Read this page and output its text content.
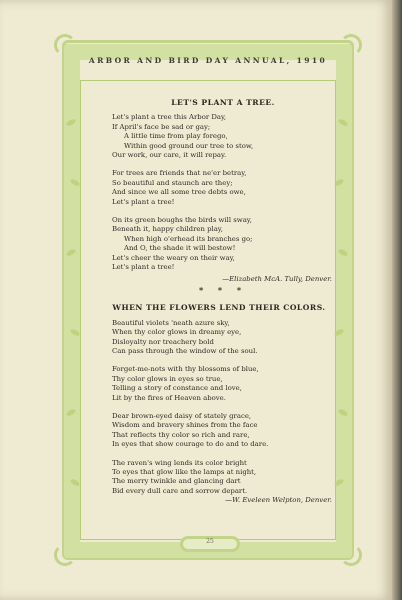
ARBOR AND BIRD DAY ANNUAL, 1910
LET'S PLANT A TREE.
Let's plant a tree this Arbor Day,
If April's face be sad or gay;
A little time from play forego,
Within good ground our tree to stow,
Our work, our care, it will repay.
For trees are friends that ne'er betray,
So beautiful and staunch are they;
And since we all some tree debts owe,
Let's plant a tree!
On its green boughs the birds will sway,
Beneath it, happy children play,
When high o'erhead its branches go;
And O, the shade it will bestow!
Let's cheer the weary on their way,
Let's plant a tree!
—Elizabeth McA. Tully, Denver.
* * *
WHEN THE FLOWERS LEND THEIR COLORS.
Beautiful violets 'neath azure sky,
When thy color glows in dreamy eye,
Disloyalty nor treachery bold
Can pass through the window of the soul.
Forget-me-nots with thy blossoms of blue,
Thy color glows in eyes so true,
Telling a story of constance and love,
Lit by the fires of Heaven above.
Dear brown-eyed daisy of stately grace,
Wisdom and bravery shines from the face
That reflects thy color so rich and rare,
In eyes that show courage to do and to dare.
The raven's wing lends its color bright
To eyes that glow like the lamps at night,
The merry twinkle and glancing dart
Bid every dull care and sorrow depart.
—W. Eveleen Welpton, Denver.
25
